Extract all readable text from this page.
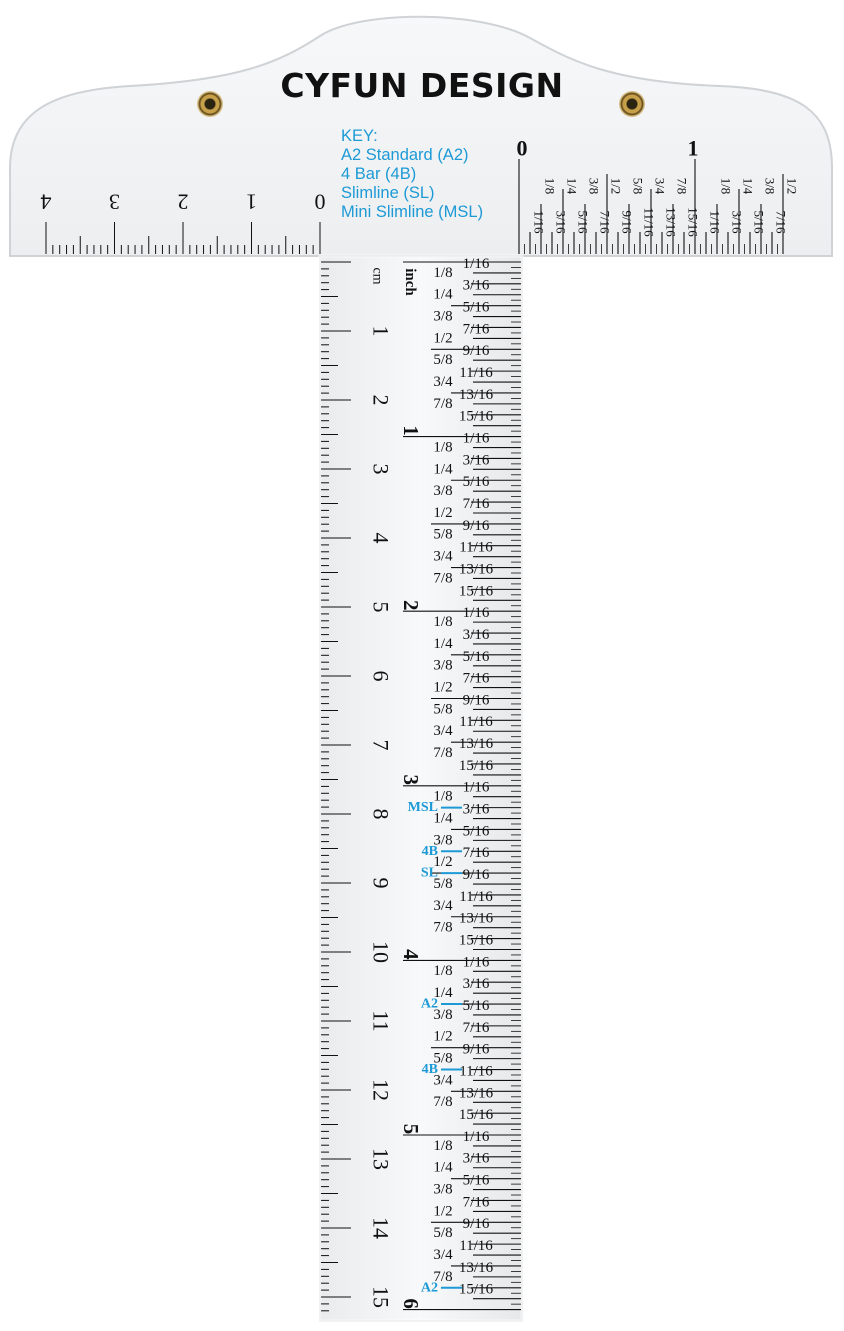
1
2
3
4
5
6
7
8
9
10
11
12
13
14
15
cm
1/16
3/16
5/16
7/16
9/16
11/16
13/16
15/16
1/8
1/4
3/8
1/2
5/8
3/4
7/8
1/16
3/16
5/16
7/16
9/16
11/16
13/16
15/16
1/8
1/4
3/8
1/2
5/8
3/4
7/8
1/16
3/16
5/16
7/16
9/16
11/16
13/16
15/16
1/8
1/4
3/8
1/2
5/8
3/4
7/8
1/16
3/16
5/16
7/16
9/16
11/16
13/16
15/16
1/8
1/4
3/8
1/2
5/8
3/4
7/8
1/16
3/16
5/16
7/16
9/16
11/16
13/16
15/16
1/8
1/4
3/8
1/2
5/8
3/4
7/8
1/16
3/16
5/16
7/16
9/16
11/16
13/16
15/16
1/8
1/4
3/8
1/2
5/8
3/4
7/8
1
2
3
4
5
6
inch
MSL
4B
SL
A2
4B
A2
0
1
2
3
4
1/16 3/16 5/16 7/16 9/16 11/16 13/16 15/16 1/16 3/16 5/16 7/16
1/8 1/4 3/8 1/2 5/8 3/4 7/8 1/8 1/4 3/8 1/2
0	1
CYFUN DESIGN
KEY:
A2 Standard (A2)
4 Bar (4B)
Slimline (SL)
Mini Slimline (MSL)
